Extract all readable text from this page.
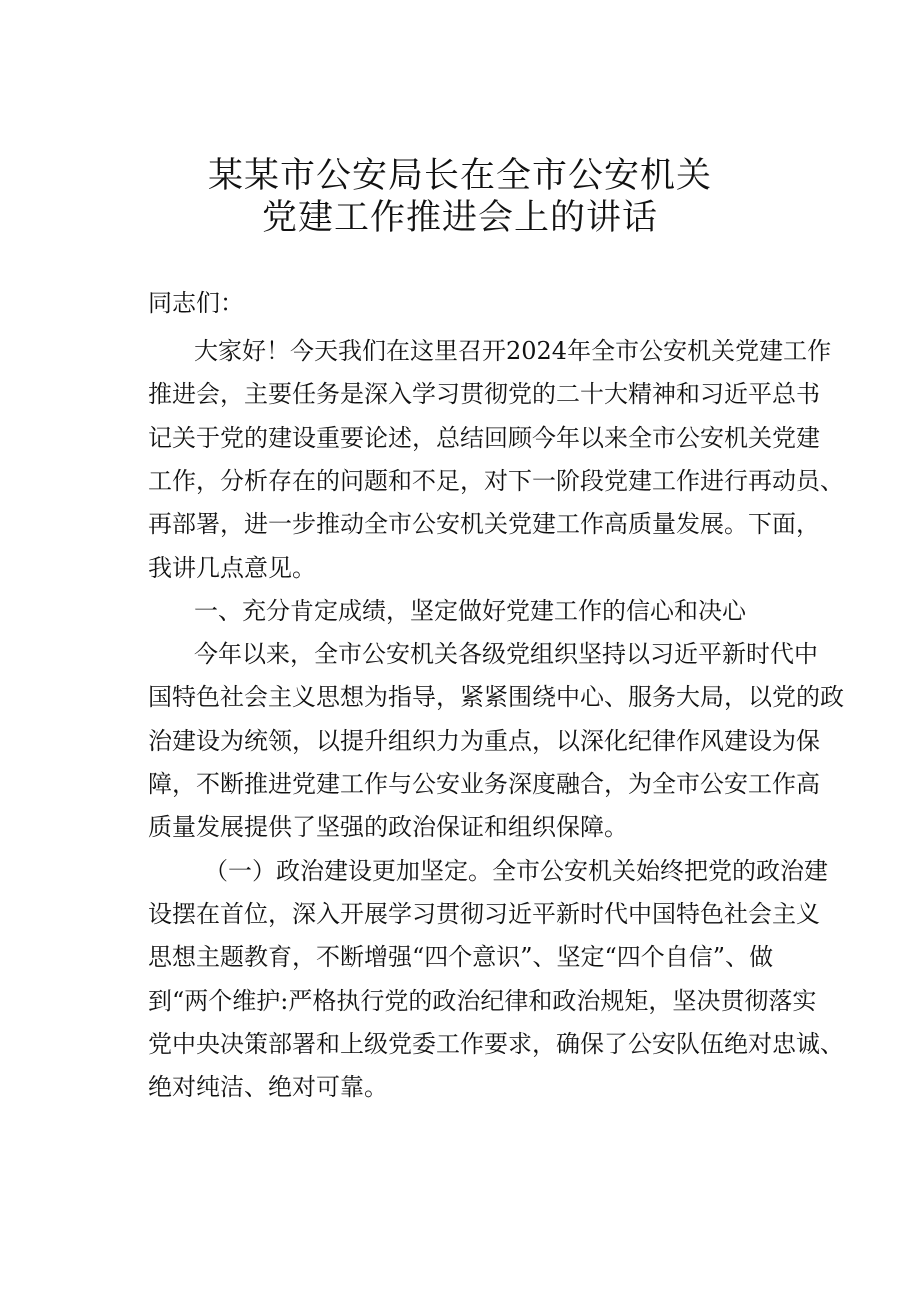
某某市公安局长在全市公安机关
党建工作推进会上的讲话

同志们：

大家好！今天我们在这里召开2024年全市公安机关党建工作

推进会，主要任务是深入学习贯彻党的二十大精神和习近平总书

记关于党的建设重要论述，总结回顾今年以来全市公安机关党建

工作，分析存在的问题和不足，对下一阶段党建工作进行再动员、

再部署，进一步推动全市公安机关党建工作高质量发展。下面，

我讲几点意见。

一、充分肯定成绩，坚定做好党建工作的信心和决心

今年以来，全市公安机关各级党组织坚持以习近平新时代中

国特色社会主义思想为指导，紧紧围绕中心、服务大局，以党的政

治建设为统领，以提升组织力为重点，以深化纪律作风建设为保

障，不断推进党建工作与公安业务深度融合，为全市公安工作高

质量发展提供了坚强的政治保证和组织保障。

（一）政治建设更加坚定。全市公安机关始终把党的政治建

设摆在首位，深入开展学习贯彻习近平新时代中国特色社会主义

思想主题教育，不断增强“四个意识”、坚定“四个自信”、做

到“两个维护:严格执行党的政治纪律和政治规矩，坚决贯彻落实

党中央决策部署和上级党委工作要求，确保了公安队伍绝对忠诚、

绝对纯洁、绝对可靠。
